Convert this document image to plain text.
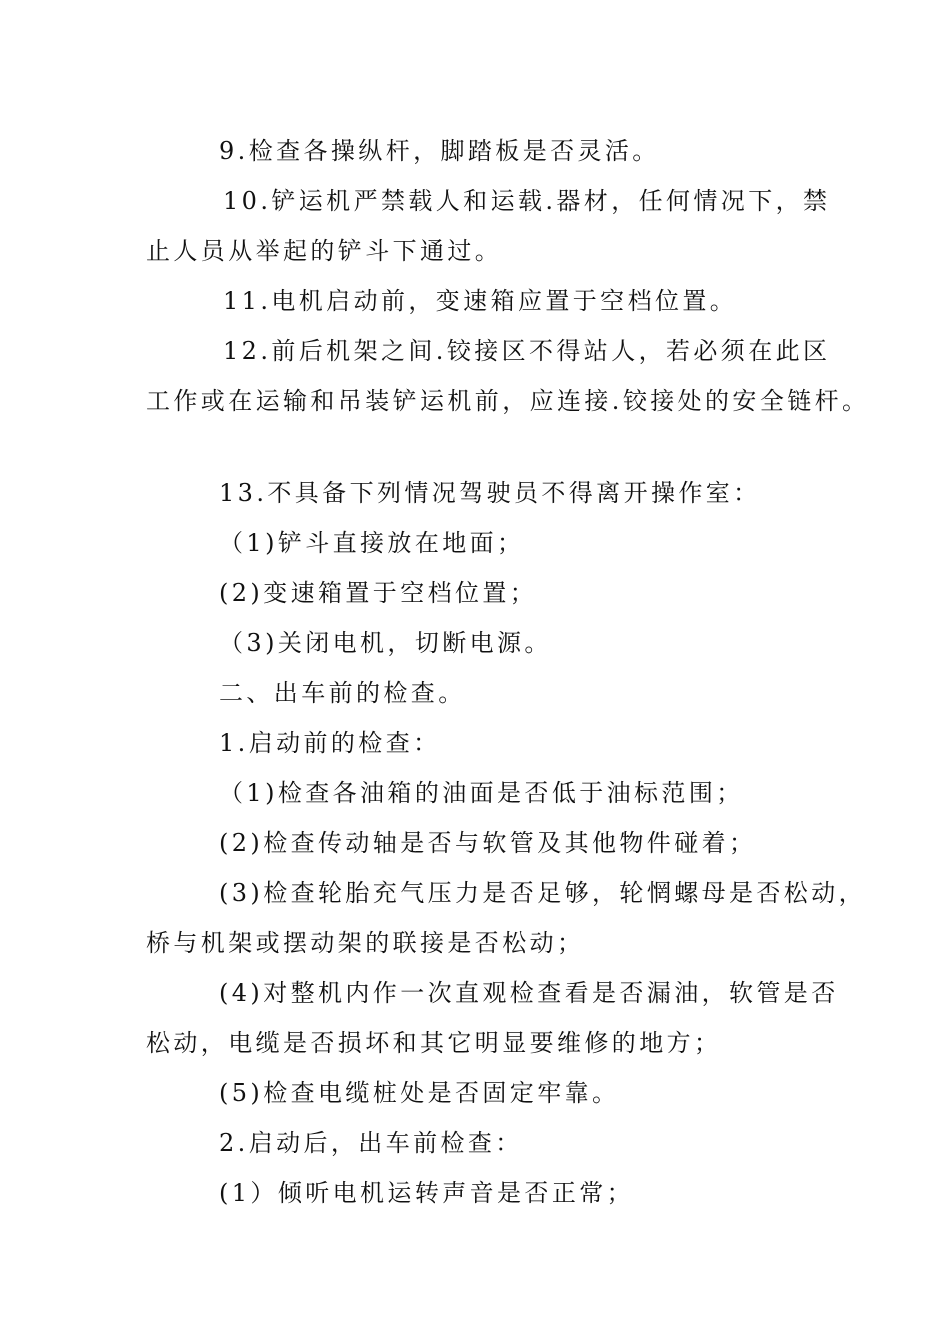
9.检查各操纵杆，脚踏板是否灵活。
10.铲运机严禁载人和运载.器材，任何情况下，禁
止人员从举起的铲斗下通过。
11.电机启动前，变速箱应置于空档位置。
12.前后机架之间.铰接区不得站人，若必须在此区
工作或在运输和吊装铲运机前，应连接.铰接处的安全链杆。
13.不具备下列情况驾驶员不得离开操作室：
（1)铲斗直接放在地面；
(2)变速箱置于空档位置；
（3)关闭电机，切断电源。
二、出车前的检查。
1.启动前的检查：
（1)检查各油箱的油面是否低于油标范围；
(2)检查传动轴是否与软管及其他物件碰着；
(3)检查轮胎充气压力是否足够，轮惘螺母是否松动，
桥与机架或摆动架的联接是否松动；
(4)对整机内作一次直观检查看是否漏油，软管是否
松动，电缆是否损坏和其它明显要维修的地方；
(5)检查电缆桩处是否固定牢靠。
2.启动后，出车前检查：
(1）倾听电机运转声音是否正常；
